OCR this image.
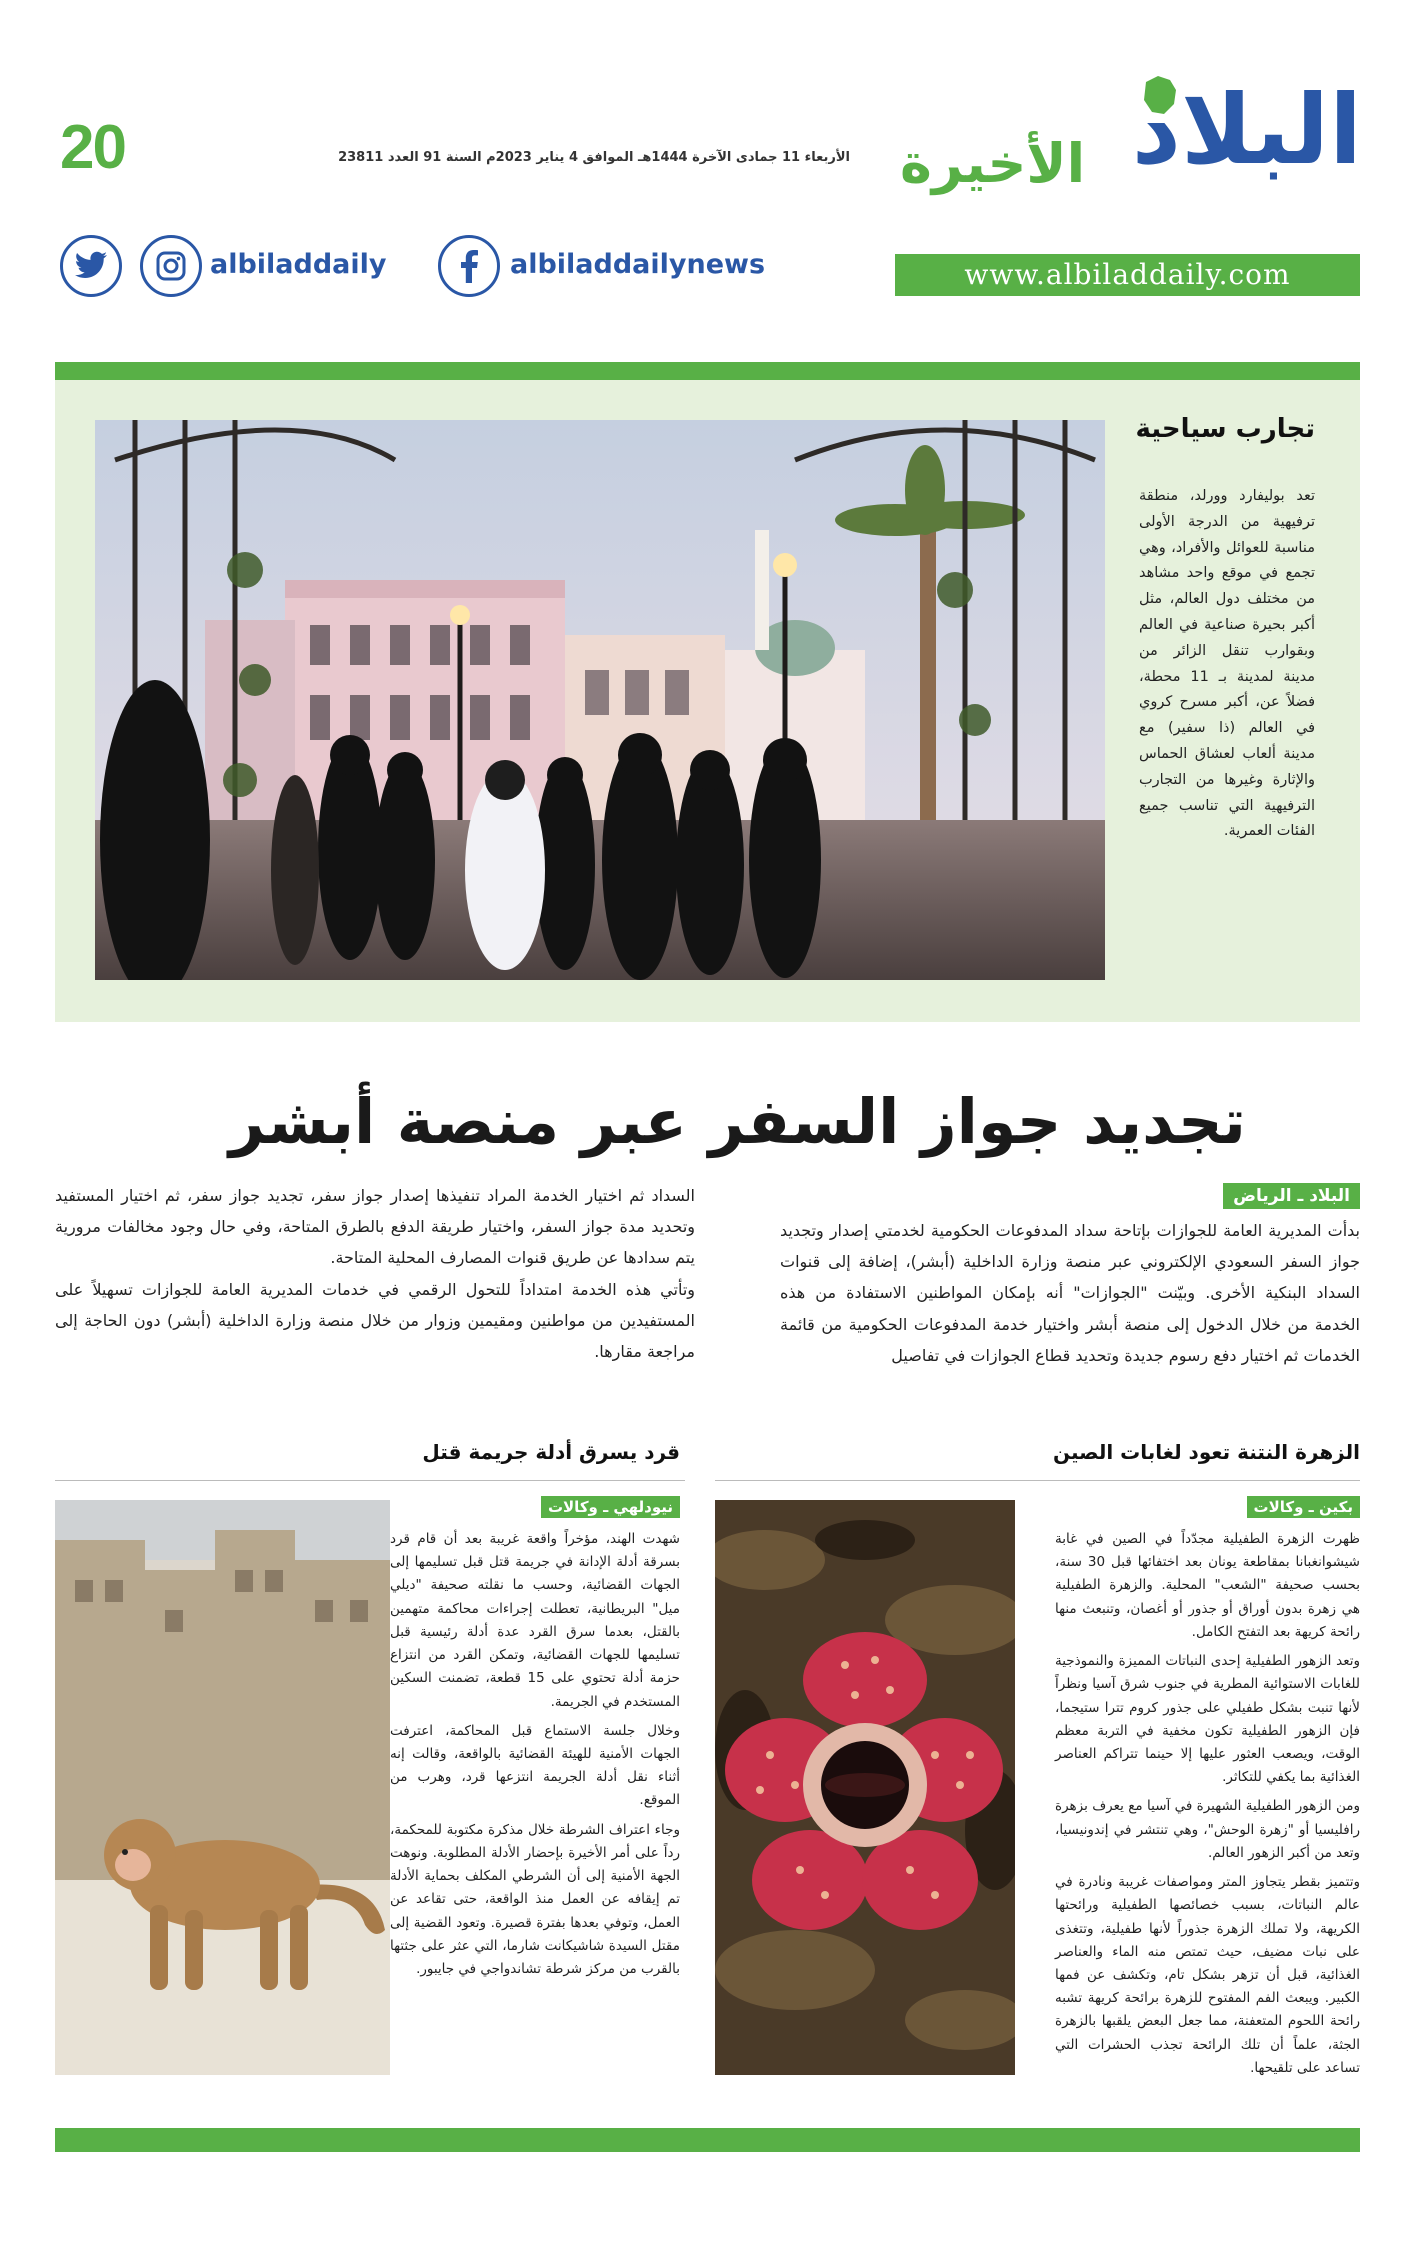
20	الأربعاء 11 جمادى الآخرة 1444هـ الموافق 4 يناير 2023م السنة 91 العدد 23811	البلاد
الأخيرة
albiladdaily	albiladdailynews	www.albiladdaily.com
تجارب سياحية
تعد بوليفارد وورلد، منطقة ترفيهية من الدرجة الأولى مناسبة للعوائل والأفراد، وهي تجمع في موقع واحد مشاهد من مختلف دول العالم، مثل أكبر بحيرة صناعية في العالم وبقوارب تنقل الزائر من مدينة لمدينة بـ 11 محطة، فضلاً عن، أكبر مسرح كروي في العالم (ذا سفير) مع مدينة ألعاب لعشاق الحماس والإثارة وغيرها من التجارب الترفيهية التي تناسب جميع الفئات العمرية.
تجديد جواز السفر عبر منصة أبشر
البلاد ـ الرياض
بدأت المديرية العامة للجوازات بإتاحة سداد المدفوعات الحكومية لخدمتي إصدار وتجديد جواز السفر السعودي الإلكتروني عبر منصة وزارة الداخلية (أبشر)، إضافة إلى قنوات السداد البنكية الأخرى. وبيّنت "الجوازات" أنه بإمكان المواطنين الاستفادة من هذه الخدمة من خلال الدخول إلى منصة أبشر واختيار خدمة المدفوعات الحكومية من قائمة الخدمات ثم اختيار دفع رسوم جديدة وتحديد قطاع الجوازات في تفاصيل

السداد ثم اختيار الخدمة المراد تنفيذها إصدار جواز سفر، تجديد جواز سفر، ثم اختيار المستفيد وتحديد مدة جواز السفر، واختيار طريقة الدفع بالطرق المتاحة، وفي حال وجود مخالفات مرورية يتم سدادها عن طريق قنوات المصارف المحلية المتاحة.

وتأتي هذه الخدمة امتداداً للتحول الرقمي في خدمات المديرية العامة للجوازات تسهيلاً على المستفيدين من مواطنين ومقيمين وزوار من خلال منصة وزارة الداخلية (أبشر) دون الحاجة إلى مراجعة مقارها.

الزهرة النتنة تعود لغابات الصين
بكين ـ وكالات

ظهرت الزهرة الطفيلية مجدّداً في الصين في غابة شيشوانغبانا بمقاطعة يونان بعد اختفائها قبل 30 سنة، بحسب صحيفة "الشعب" المحلية. والزهرة الطفيلية هي زهرة بدون أوراق أو جذور أو أغصان، وتنبعث منها رائحة كريهة بعد التفتح الكامل.

وتعد الزهور الطفيلية إحدى النباتات المميزة والنموذجية للغابات الاستوائية المطرية في جنوب شرق آسيا ونظراً لأنها تنبت بشكل طفيلي على جذور كروم تترا ستيجما، فإن الزهور الطفيلية تكون مخفية في التربة معظم الوقت، ويصعب العثور عليها إلا حينما تتراكم العناصر الغذائية بما يكفي للتكاثر.

ومن الزهور الطفيلية الشهيرة في آسيا مع يعرف بزهرة رافليسيا أو "زهرة الوحش"، وهي تنتشر في إندونيسيا، وتعد من أكبر الزهور العالم.

وتتميز بقطر يتجاوز المتر ومواصفات غريبة ونادرة في عالم النباتات، بسبب خصائصها الطفيلية ورائحتها الكريهة، ولا تملك الزهرة جذوراً لأنها طفيلية، وتتغذى على نبات مضيف، حيث تمتص منه الماء والعناصر الغذائية، قبل أن تزهر بشكل تام، وتكشف عن فمها الكبير. ويبعث الفم المفتوح للزهرة برائحة كريهة تشبه رائحة اللحوم المتعفنة، مما جعل البعض يلقبها بالزهرة الجثة، علماً أن تلك الرائحة تجذب الحشرات التي تساعد على تلقيحها.

قرد يسرق أدلة جريمة قتل
نيودلهي ـ وكالات

شهدت الهند، مؤخراً واقعة غريبة بعد أن قام قرد بسرقة أدلة الإدانة في جريمة قتل قبل تسليمها إلى الجهات القضائية، وحسب ما نقلته صحيفة "ديلي ميل" البريطانية، تعطلت إجراءات محاكمة متهمين بالقتل، بعدما سرق القرد عدة أدلة رئيسية قبل تسليمها للجهات القضائية، وتمكن القرد من انتزاع حزمة أدلة تحتوي على 15 قطعة، تضمنت السكين المستخدم في الجريمة.

وخلال جلسة الاستماع قبل المحاكمة، اعترفت الجهات الأمنية للهيئة القضائية بالواقعة، وقالت إنه أثناء نقل أدلة الجريمة انتزعها قرد، وهرب من الموقع.

وجاء اعتراف الشرطة خلال مذكرة مكتوبة للمحكمة، رداً على أمر الأخيرة بإحضار الأدلة المطلوبة. ونوهت الجهة الأمنية إلى أن الشرطي المكلف بحماية الأدلة تم إيقافه عن العمل منذ الواقعة، حتى تقاعد عن العمل، وتوفي بعدها بفترة قصيرة. وتعود القضية إلى مقتل السيدة شاشيكانت شارما، التي عثر على جثتها بالقرب من مركز شرطة تشاندواجي في جايبور.
